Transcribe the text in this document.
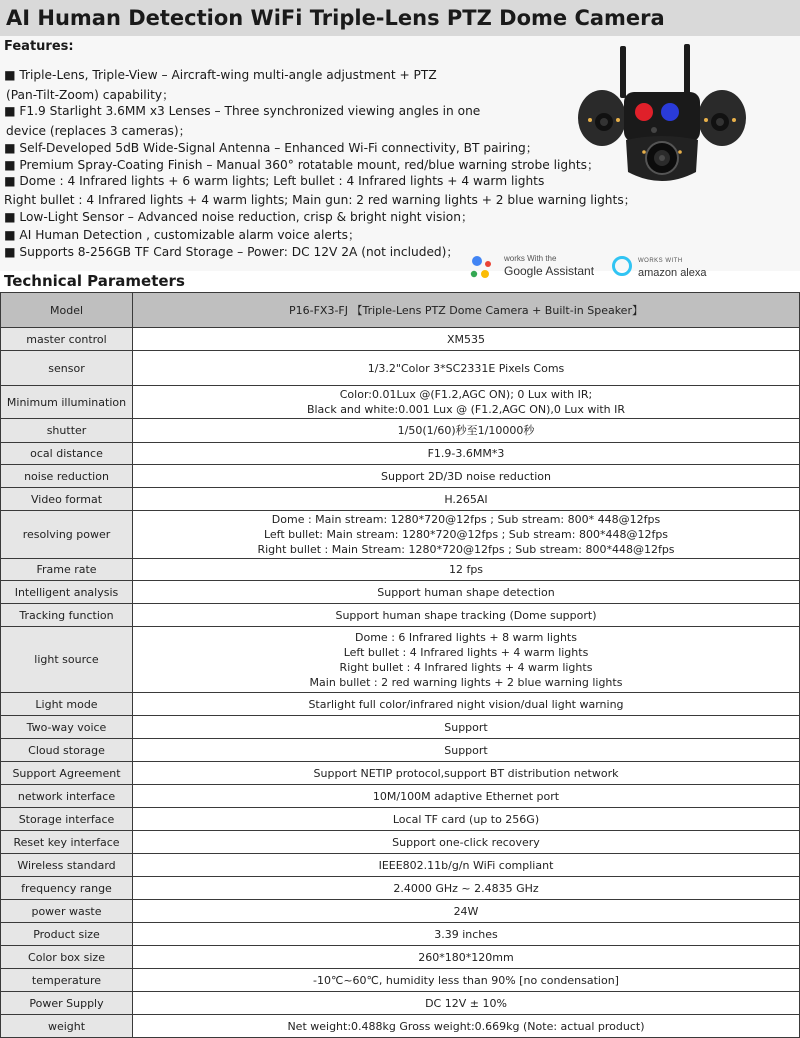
AI Human Detection WiFi Triple-Lens PTZ Dome Camera
Features:
■ Triple-Lens, Triple-View – Aircraft-wing multi-angle adjustment + PTZ
(Pan-Tilt-Zoom) capability；
■ F1.9 Starlight 3.6MM x3 Lenses – Three synchronized viewing angles in one
device (replaces 3 cameras)；
■ Self-Developed 5dB Wide-Signal Antenna – Enhanced Wi-Fi connectivity, BT pairing；
■ Premium Spray-Coating Finish – Manual 360° rotatable mount, red/blue warning strobe lights；
■ Dome : 4 Infrared lights + 6 warm lights; Left bullet : 4 Infrared lights + 4 warm lights
Right bullet : 4 Infrared lights + 4 warm lights; Main gun: 2 red warning lights + 2 blue warning lights；
■ Low-Light Sensor – Advanced noise reduction, crisp & bright night vision；
■ AI Human Detection , customizable alarm voice alerts；
■ Supports 8-256GB TF Card Storage – Power: DC 12V 2A (not included)；	works With the
Google Assistant
WORKS WITH
amazon alexa
Technical Parameters
Model	P16-FX3-FJ 【Triple-Lens PTZ Dome Camera + Built-in Speaker】
master control	XM535

sensor	1/3.2"Color 3*SC2331E Pixels Coms

Minimum illumination	Color:0.01Lux @(F1.2,AGC ON); 0 Lux with IR;
Black and white:0.001 Lux @ (F1.2,AGC ON),0 Lux with IR

shutter	1/50(1/60)秒至1/10000秒

ocal distance	F1.9-3.6MM*3

noise reduction	Support 2D/3D noise reduction

Video format	H.265AI

resolving power	Dome : Main stream: 1280*720@12fps ; Sub stream: 800* 448@12fps
Left bullet: Main stream: 1280*720@12fps ; Sub stream: 800*448@12fps
Right bullet : Main Stream: 1280*720@12fps ; Sub stream: 800*448@12fps

Frame rate	12 fps

Intelligent analysis	Support human shape detection

Tracking function	Support human shape tracking (Dome support)

light source	Dome : 6 Infrared lights + 8 warm lights
Left bullet : 4 Infrared lights + 4 warm lights
Right bullet : 4 Infrared lights + 4 warm lights
Main bullet : 2 red warning lights + 2 blue warning lights

Light mode	Starlight full color/infrared night vision/dual light warning

Two-way voice	Support

Cloud storage	Support

Support Agreement	Support NETIP protocol,support BT distribution network

network interface	10M/100M adaptive Ethernet port

Storage interface	Local TF card (up to 256G)

Reset key interface	Support one-click recovery

Wireless standard	IEEE802.11b/g/n WiFi compliant

frequency range	2.4000 GHz ~ 2.4835 GHz

power waste	24W

Product size	3.39 inches

Color box size	260*180*120mm

temperature	-10℃~60℃, humidity less than 90% [no condensation]

Power Supply	DC 12V ± 10%

weight	Net weight:0.488kg Gross weight:0.669kg (Note: actual product)
